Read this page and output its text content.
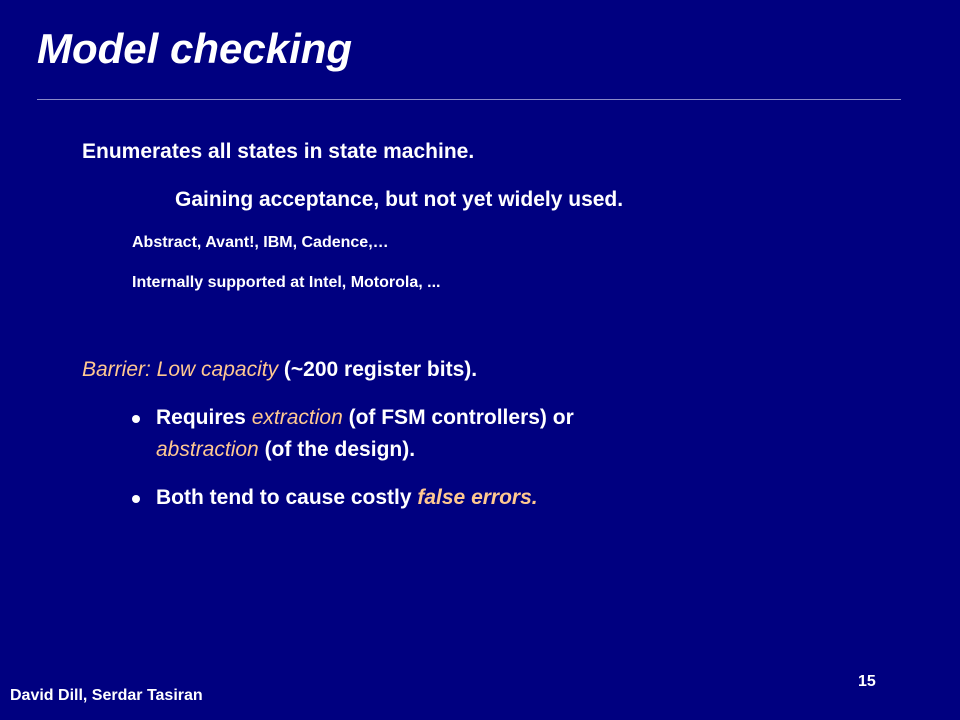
Model checking

Enumerates all states in state machine.

Gaining acceptance, but not yet widely used.

Abstract, Avant!, IBM, Cadence,…

Internally supported at Intel, Motorola, ...

Barrier: Low capacity (~200 register bits).

Requires extraction (of FSM controllers) or
abstraction (of the design).
Both tend to cause costly false errors.
David Dill, Serdar Tasiran
15
